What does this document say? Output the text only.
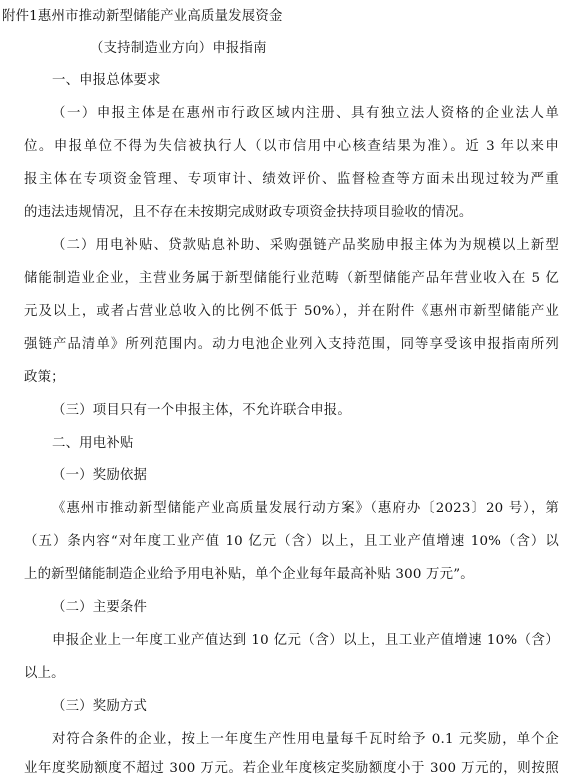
附件1惠州市推动新型储能产业高质量发展资金
（支持制造业方向）申报指南
一、申报总体要求
（一）申报主体是在惠州市行政区域内注册、具有独立法人资格的企业法人单
位。申报单位不得为失信被执行人（以市信用中心核查结果为准）。近 3 年以来申
报主体在专项资金管理、专项审计、绩效评价、监督检查等方面未出现过较为严重
的违法违规情况，且不存在未按期完成财政专项资金扶持项目验收的情况。
（二）用电补贴、贷款贴息补助、采购强链产品奖励申报主体为为规模以上新型
储能制造业企业，主营业务属于新型储能行业范畴（新型储能产品年营业收入在 5 亿
元及以上，或者占营业总收入的比例不低于 50%），并在附件《惠州市新型储能产业
强链产品清单》所列范围内。动力电池企业列入支持范围，同等享受该申报指南所列
政策；
（三）项目只有一个申报主体，不允许联合申报。
二、用电补贴
（一）奖励依据
《惠州市推动新型储能产业高质量发展行动方案》（惠府办〔2023〕20 号），第
（五）条内容“对年度工业产值 10 亿元（含）以上，且工业产值增速 10%（含）以
上的新型储能制造企业给予用电补贴，单个企业每年最高补贴 300 万元”。
（二）主要条件
申报企业上一年度工业产值达到 10 亿元（含）以上，且工业产值增速 10%（含）
以上。
（三）奖励方式
对符合条件的企业，按上一年度生产性用电量每千瓦时给予 0.1 元奖励，单个企
业年度奖励额度不超过 300 万元。若企业年度核定奖励额度小于 300 万元的，则按照
